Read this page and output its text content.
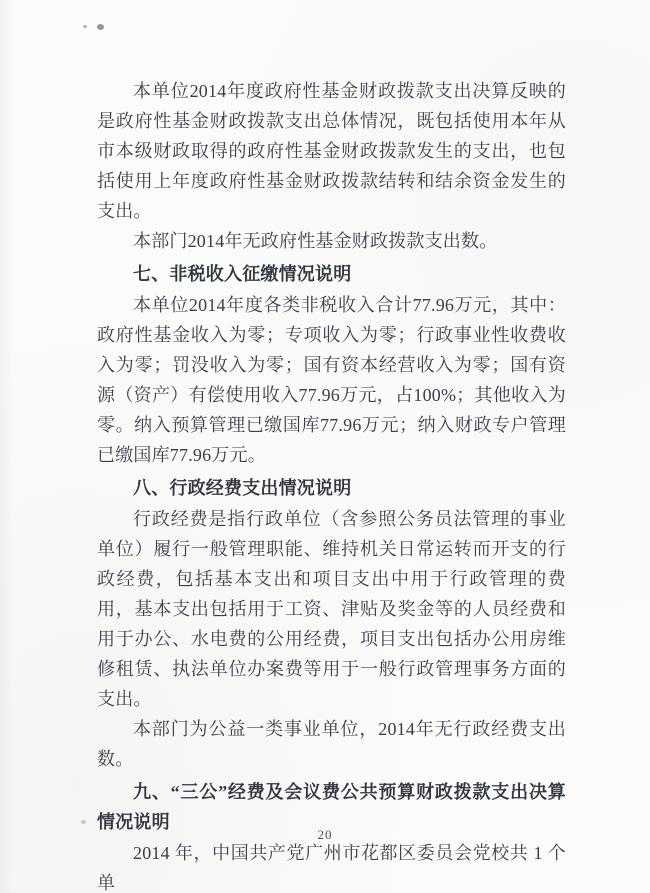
本单位2014年度政府性基金财政拨款支出决算反映的是政府性基金财政拨款支出总体情况，既包括使用本年从市本级财政取得的政府性基金财政拨款发生的支出，也包括使用上年度政府性基金财政拨款结转和结余资金发生的支出。

本部门2014年无政府性基金财政拨款支出数。

七、非税收入征缴情况说明

本单位2014年度各类非税收入合计77.96万元，其中：政府性基金收入为零；专项收入为零；行政事业性收费收入为零；罚没收入为零；国有资本经营收入为零；国有资源（资产）有偿使用收入77.96万元，占100%；其他收入为零。纳入预算管理已缴国库77.96万元；纳入财政专户管理已缴国库77.96万元。

八、行政经费支出情况说明

行政经费是指行政单位（含参照公务员法管理的事业单位）履行一般管理职能、维持机关日常运转而开支的行政经费，包括基本支出和项目支出中用于行政管理的费用，基本支出包括用于工资、津贴及奖金等的人员经费和用于办公、水电费的公用经费，项目支出包括办公用房维修租赁、执法单位办案费等用于一般行政管理事务方面的支出。

本部门为公益一类事业单位，2014年无行政经费支出数。

九、“三公”经费及会议费公共预算财政拨款支出决算情况说明

2014 年，中国共产党广州市花都区委员会党校共 1 个单

20
